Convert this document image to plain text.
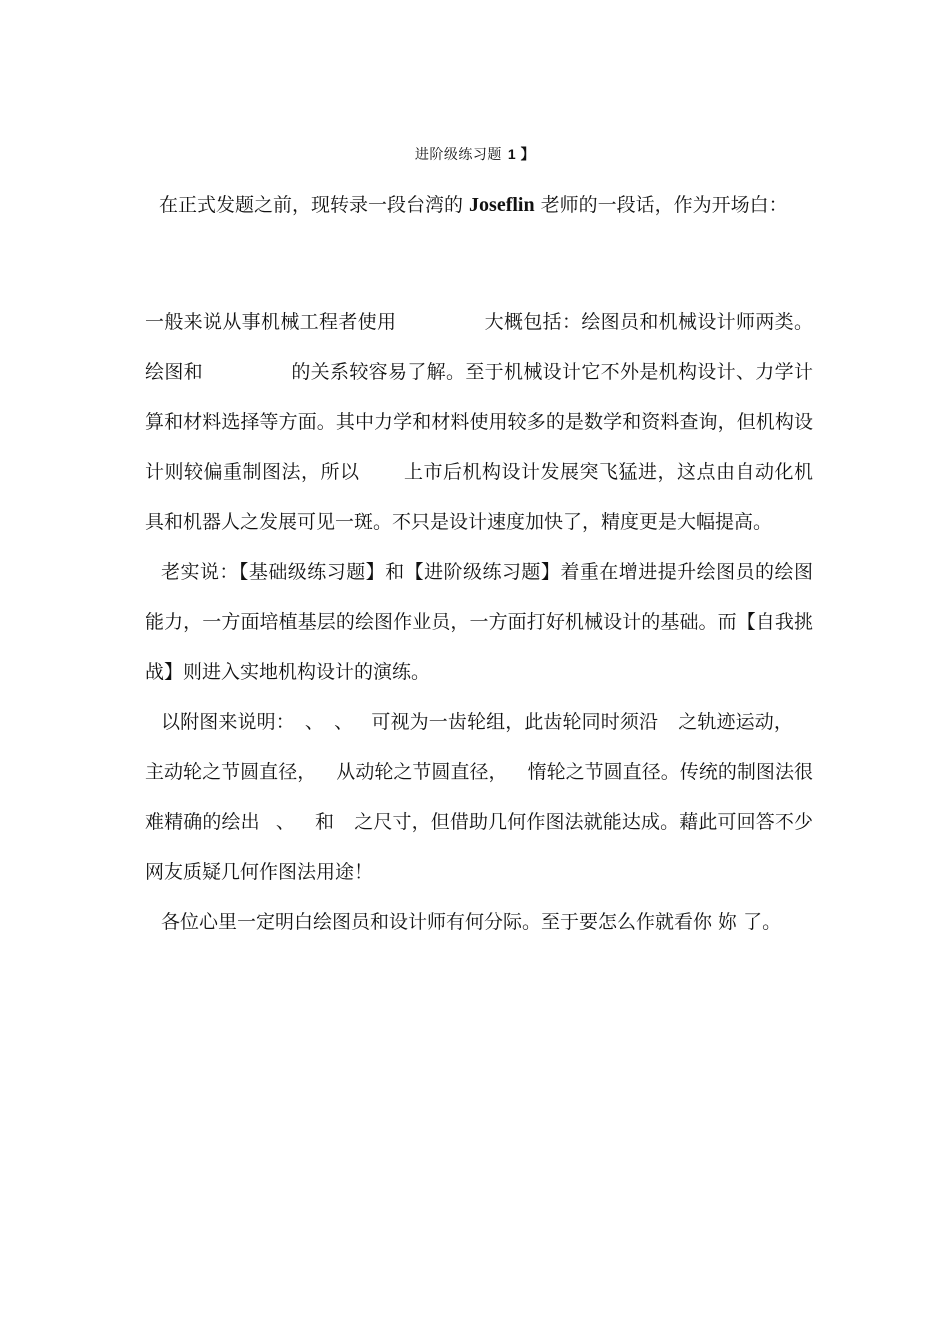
进阶级练习题 1 】
在正式发题之前，现转录一段台湾的 Joseflin 老师的一段话，作为开场白：

一般来说从事机械工程者使用	大概包括：绘图员和机械设计师两类。绘图和	的关系较容易了解。至于机械设计它不外是机构设计、力学计算和材料选择等方面。其中力学和材料使用较多的是数学和资料查询，但机构设计则较偏重制图法，所以 上市后机构设计发展突飞猛进，这点由自动化机具和机器人之发展可见一斑。不只是设计速度加快了，精度更是大幅提高。

老实说：【基础级练习题】和【进阶级练习题】着重在增进提升绘图员的绘图能力，一方面培植基层的绘图作业员，一方面打好机械设计的基础。而【自我挑战】则进入实地机构设计的演练。

以附图来说明： 、 、 可视为一齿轮组，此齿轮同时须沿 之轨迹运动，主动轮之节圆直径， 从动轮之节圆直径， 惰轮之节圆直径。传统的制图法很难精确的绘出 、 和 之尺寸，但借助几何作图法就能达成。藉此可回答不少网友质疑几何作图法用途！

各位心里一定明白绘图员和设计师有何分际。至于要怎么作就看你 妳 了。
